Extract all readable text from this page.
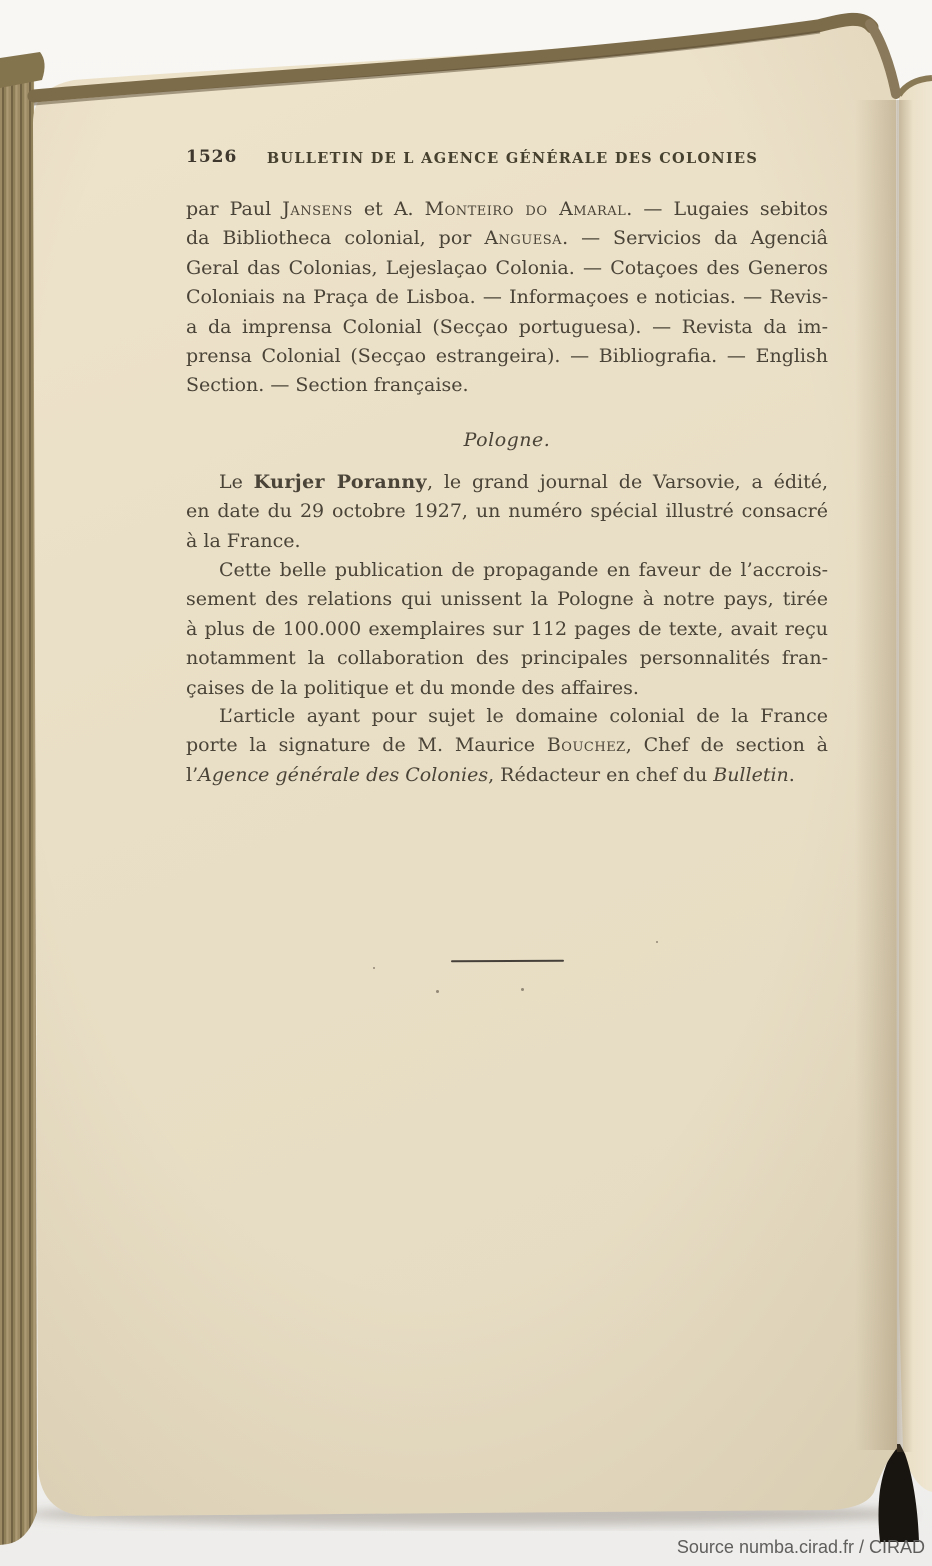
1526	BULLETIN DE L AGENCE GÉNÉRALE DES COLONIES
par Paul Jansens et A. Monteiro do Amaral. — Lugaies sebitos
da Bibliotheca colonial, por Anguesa. — Servicios da Agenciâ
Geral das Colonias, Lejeslaçao Colonia. — Cotaçoes des Generos
Coloniais na Praça de Lisboa. — Informaçoes e noticias. — Revis-
a da imprensa Colonial (Secçao portuguesa). — Revista da im-
prensa Colonial (Secçao estrangeira). — Bibliografia. — English
Section. — Section française.
Pologne.
Le Kurjer Poranny, le grand journal de Varsovie, a édité,
en date du 29 octobre 1927, un numéro spécial illustré consacré
à la France.
Cette belle publication de propagande en faveur de l’accrois-
sement des relations qui unissent la Pologne à notre pays, tirée
à plus de 100.000 exemplaires sur 112 pages de texte, avait reçu
notamment la collaboration des principales personnalités fran-
çaises de la politique et du monde des affaires.
L’article ayant pour sujet le domaine colonial de la France
porte la signature de M. Maurice Bouchez, Chef de section à
l’Agence générale des Colonies, Rédacteur en chef du Bulletin.
Source numba.cirad.fr / CIRAD
